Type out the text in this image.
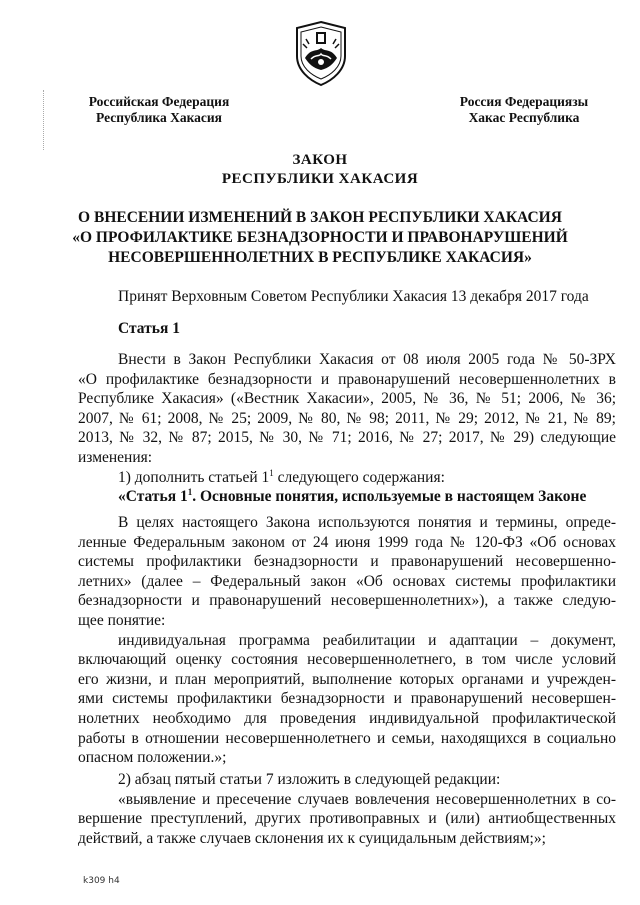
Российская Федерация
Республика Хакасия
Россия Федерациязы
Хакас Республика
ЗАКОН
РЕСПУБЛИКИ ХАКАСИЯ
О ВНЕСЕНИИ ИЗМЕНЕНИЙ В ЗАКОН РЕСПУБЛИКИ ХАКАСИЯ
«О ПРОФИЛАКТИКЕ БЕЗНАДЗОРНОСТИ И ПРАВОНАРУШЕНИЙ
НЕСОВЕРШЕННОЛЕТНИХ В РЕСПУБЛИКЕ ХАКАСИЯ»
Принят Верховным Советом Республики Хакасия 13 декабря 2017 года
Статья 1

Внести в Закон Республики Хакасия от 08 июля 2005 года № 50-ЗРХ

«О профилактике безнадзорности и правонарушений несовершеннолетних в

Республике Хакасия» («Вестник Хакасии», 2005, № 36, № 51; 2006, № 36;

2007, № 61; 2008, № 25; 2009, № 80, № 98; 2011, № 29; 2012, № 21, № 89;

2013, № 32, № 87; 2015, № 30, № 71; 2016, № 27; 2017, № 29) следующие

изменения:

1) дополнить статьей $1^1$ следующего содержания:

«Статья $1^1$. Основные понятия, используемые в настоящем Законе

В целях настоящего Закона используются понятия и термины, опреде-

ленные Федеральным законом от 24 июня 1999 года № 120-ФЗ «Об основах

системы профилактики безнадзорности и правонарушений несовершенно-

летних» (далее – Федеральный закон «Об основах системы профилактики

безнадзорности и правонарушений несовершеннолетних»), а также следую-

щее понятие:

индивидуальная программа реабилитации и адаптации – документ,

включающий оценку состояния несовершеннолетнего, в том числе условий

его жизни, и план мероприятий, выполнение которых органами и учрежден-

ями системы профилактики безнадзорности и правонарушений несовершен-

нолетних необходимо для проведения индивидуальной профилактической

работы в отношении несовершеннолетнего и семьи, находящихся в социально

опасном положении.»;

2) абзац пятый статьи 7 изложить в следующей редакции:

«выявление и пресечение случаев вовлечения несовершеннолетних в со-

вершение преступлений, других противоправных и (или) антиобщественных

действий, а также случаев склонения их к суицидальным действиям;»;

k309 h4
